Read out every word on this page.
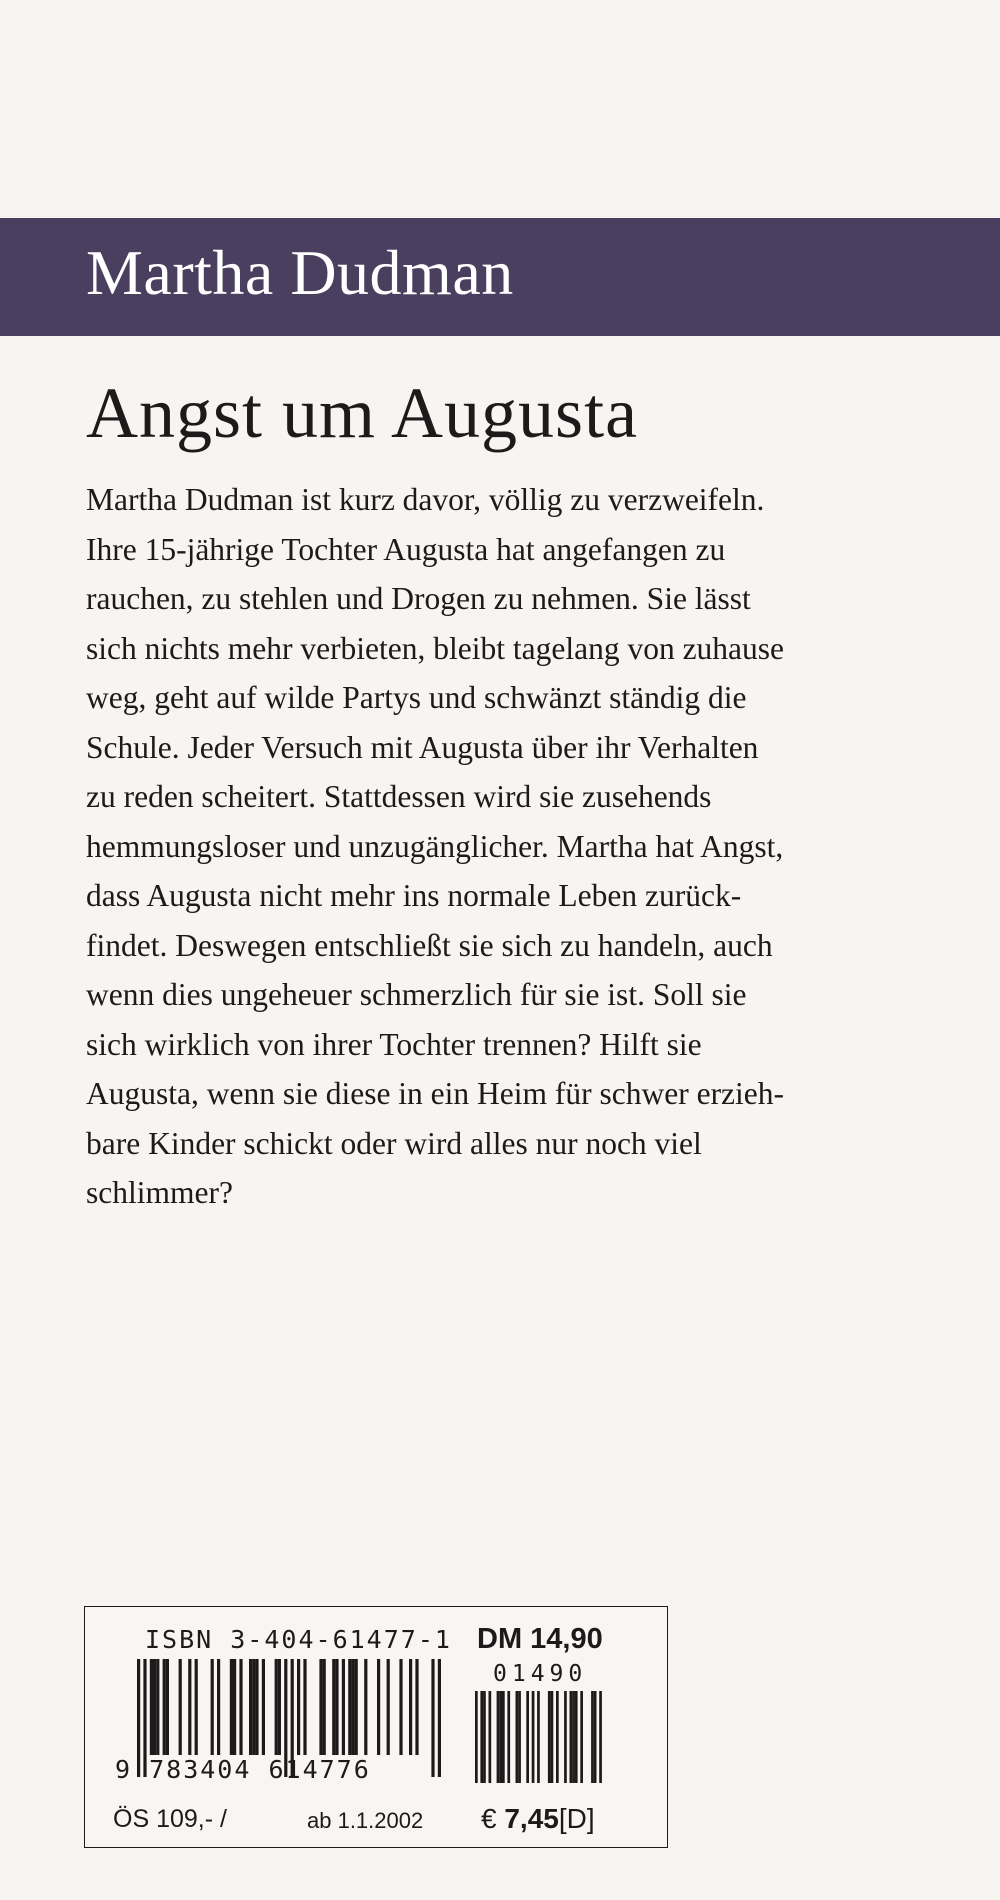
Martha Dudman
Angst um Augusta
Martha Dudman ist kurz davor, völlig zu verzweifeln.
Ihre 15-jährige Tochter Augusta hat angefangen zu
rauchen, zu stehlen und Drogen zu nehmen. Sie lässt
sich nichts mehr verbieten, bleibt tagelang von zuhause
weg, geht auf wilde Partys und schwänzt ständig die
Schule. Jeder Versuch mit Augusta über ihr Verhalten
zu reden scheitert. Stattdessen wird sie zusehends
hemmungsloser und unzugänglicher. Martha hat Angst,
dass Augusta nicht mehr ins normale Leben zurück-
findet. Deswegen entschließt sie sich zu handeln, auch
wenn dies ungeheuer schmerzlich für sie ist. Soll sie
sich wirklich von ihrer Tochter trennen? Hilft sie
Augusta, wenn sie diese in ein Heim für schwer erzieh-
bare Kinder schickt oder wird alles nur noch viel
schlimmer?
ISBN 3-404-61477-1 DM 14,90
01490
9 783404 614776
ÖS 109,- /	ab 1.1.2002 € 7,45[D]
